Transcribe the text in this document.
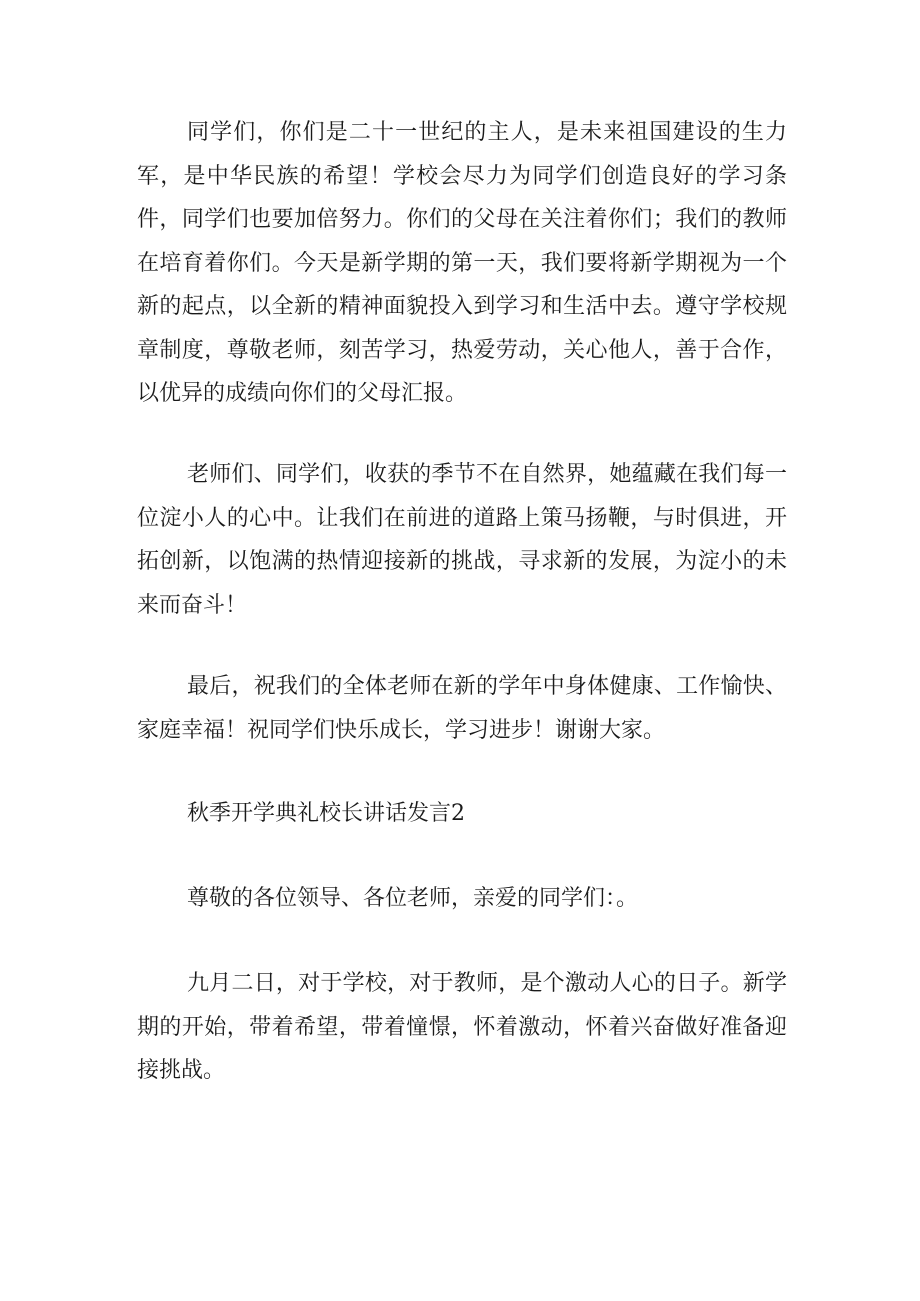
同学们，你们是二十一世纪的主人，是未来祖国建设的生力军，是中华民族的希望！学校会尽力为同学们创造良好的学习条件，同学们也要加倍努力。你们的父母在关注着你们；我们的教师在培育着你们。今天是新学期的第一天，我们要将新学期视为一个新的起点，以全新的精神面貌投入到学习和生活中去。遵守学校规章制度，尊敬老师，刻苦学习，热爱劳动，关心他人，善于合作，以优异的成绩向你们的父母汇报。

老师们、同学们，收获的季节不在自然界，她蕴藏在我们每一位淀小人的心中。让我们在前进的道路上策马扬鞭，与时俱进，开拓创新，以饱满的热情迎接新的挑战，寻求新的发展，为淀小的未来而奋斗！

最后，祝我们的全体老师在新的学年中身体健康、工作愉快、家庭幸福！祝同学们快乐成长，学习进步！谢谢大家。

秋季开学典礼校长讲话发言2

尊敬的各位领导、各位老师，亲爱的同学们：。

九月二日，对于学校，对于教师，是个激动人心的日子。新学期的开始，带着希望，带着憧憬，怀着激动，怀着兴奋做好准备迎接挑战。
